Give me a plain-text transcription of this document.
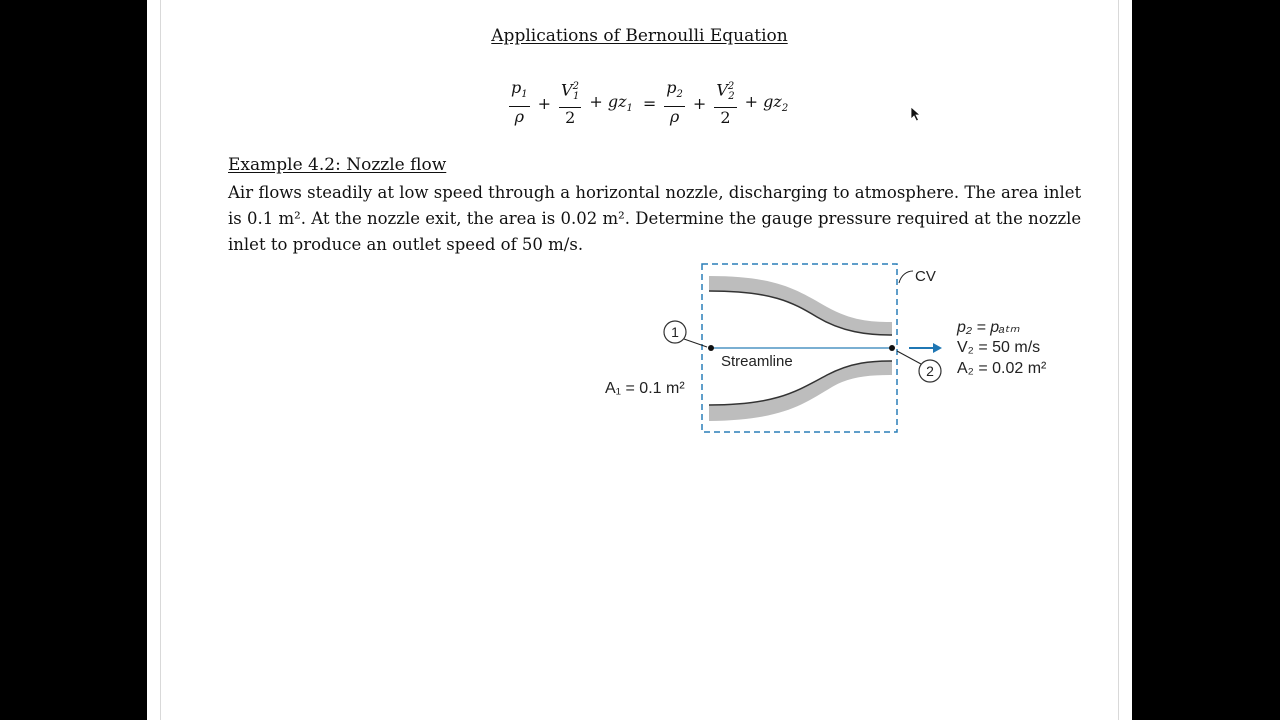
Applications of Bernoulli Equation
$\frac{p_1}{\rho} + \frac{V^2_1}{2} + gz_1 = \frac{p_2}{\rho} + \frac{V^2_2}{2} + gz_2$
Example 4.2: Nozzle flow
Air flows steadily at low speed through a horizontal nozzle, discharging to atmosphere. The area inlet
is 0.1 m². At the nozzle exit, the area is 0.02 m². Determine the gauge pressure required at the nozzle
inlet to produce an outlet speed of 50 m/s.
Streamline
1
2
CV
A₁ = 0.1 m²
p₂ = pₐₜₘ
V₂ = 50 m/s
A₂ = 0.02 m²
